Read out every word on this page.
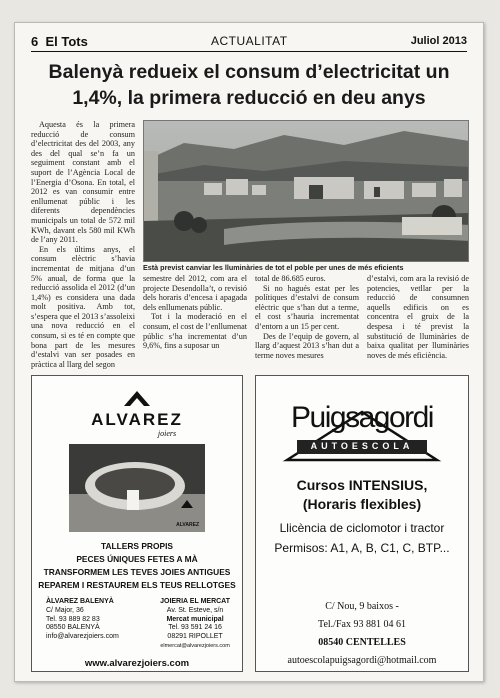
6 El Tots	ACTUALITAT	Juliol 2013
Balenyà redueix el consum d’electricitat un 1,4%, la primera reducció en deu anys

Aquesta és la primera reducció de consum d’electricitat des del 2003, any des del qual se’n fa un seguiment constant amb el suport de l’Agència Local de l’Energia d’Osona. En total, el 2012 es van consumir entre enllumenat públic i les diferents dependències municipals un total de 572 mil KWh, davant els 580 mil KWh de l’any 2011.

En els últims anys, el consum elèctric s’havia incrementat de mitjana d’un 5% anual, de forma que la reducció assolida el 2012 (d’un 1,4%) es considera una dada molt positiva. Amb tot, s’espera que el 2013 s’assoleixi una nova reducció en el consum, si es té en compte que bona part de les mesures d’estalvi van ser posades en pràctica al llarg del segon

Està previst canviar les lluminàries de tot el poble per unes de més eficients

semestre del 2012, com ara el projecte Desendolla’t, o revisió dels horaris d’encesa i apagada dels enllumenats públic.

Tot i la moderació en el consum, el cost de l’enllumenat públic s’ha incrementat d’un 9,6%, fins a suposar un

total de 86.685 euros.

Si no hagués estat per les polítiques d’estalvi de consum elèctric que s’han dut a terme, el cost s’hauria incrementat d’entorn a un 15 per cent.

Des de l’equip de govern, al llarg d’aquest 2013 s’han dut a terme noves mesures

d’estalvi, com ara la revisió de potencies, vetllar per la reducció de consumnen aquells edificis on es concentra el gruix de la despesa i té previst la substitució de lluminàries de baixa qualitat per lluminàries noves de més eficiència.

ALVAREZ
joiers
ALVAREZ
TALLERS PROPIS
PECES ÚNIQUES FETES A MÀ
TRANSFORMEM LES TEVES JOIES ANTIGUES
REPAREM I RESTAUREM ELS TEUS RELLOTGES
ÀLVAREZ BALENYÀ
C/ Major, 36
Tel. 93 889 82 83
08550 BALENYÀ
info@alvarezjoiers.com
JOIERIA EL MERCAT
Av. St. Esteve, s/n
Mercat municipal
Tel. 93 591 24 16
08291 RIPOLLET
elmercat@alvarezjoiers.com
www.alvarezjoiers.com
Puigsagordi
AUTOESCOLA
Cursos INTENSIUS,
(Horaris flexibles)
Llicència de ciclomotor i tractor
Permisos: A1, A, B, C1, C, BTP...
C/ Nou, 9 baixos -
Tel./Fax 93 881 04 61
08540 CENTELLES
autoescolapuigsagordi@hotmail.com
